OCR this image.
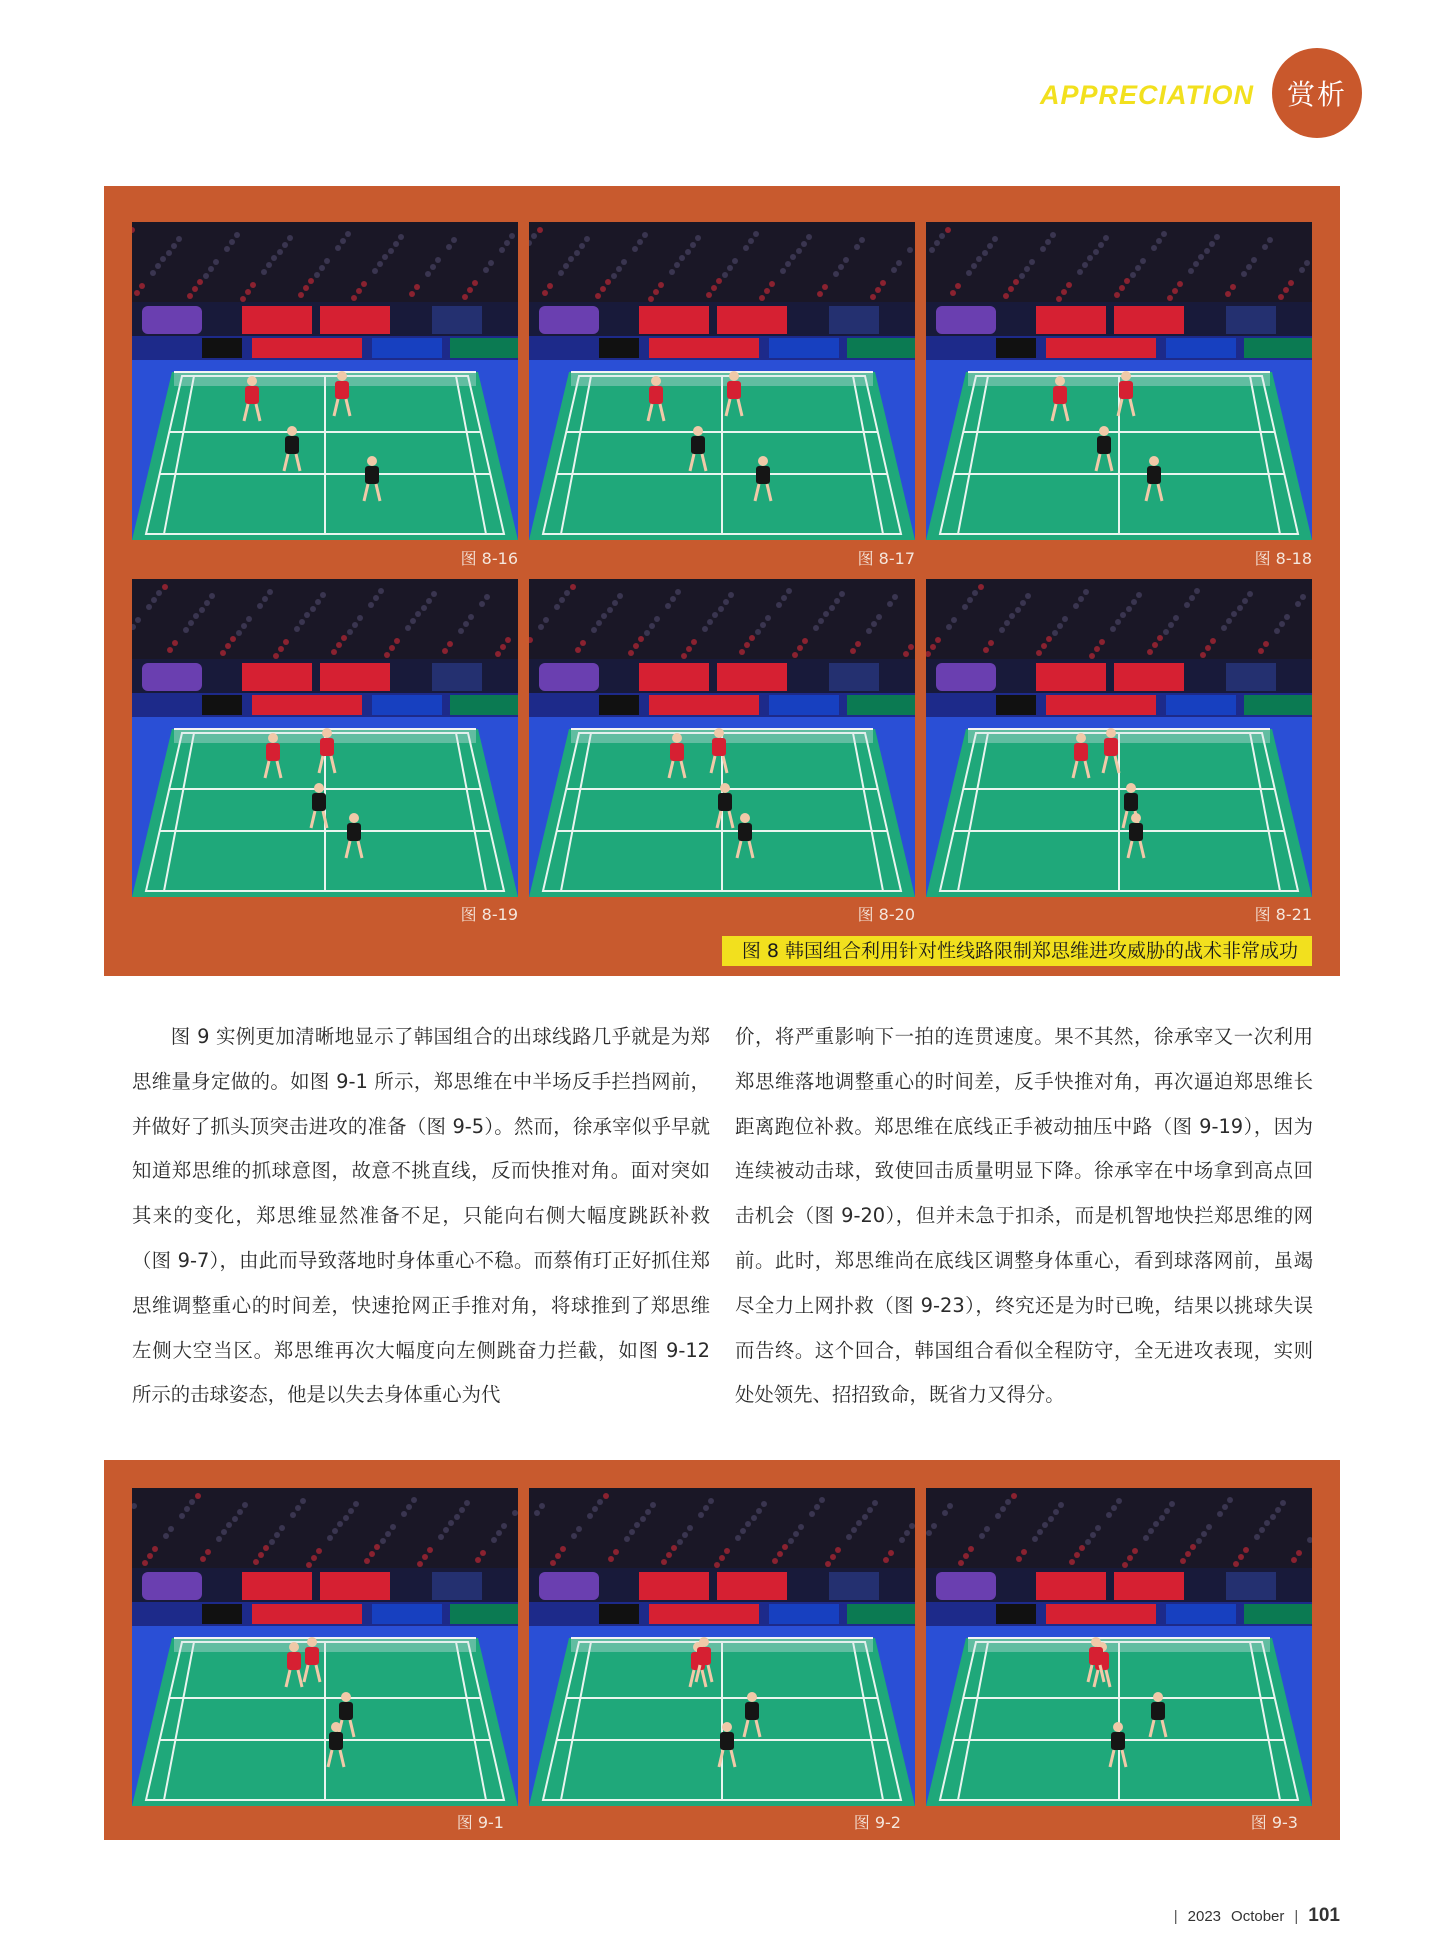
APPRECIATION 赏析
图 8-16	图 8-17	图 8-18
图 8-19	图 8-20	图 8-21
图 8 韩国组合利用针对性线路限制郑思维进攻威胁的战术非常成功

图 9 实例更加清晰地显示了韩国组合的出球线路几乎就是为郑思维量身定做的。如图 9-1 所示，郑思维在中半场反手拦挡网前，并做好了抓头顶突击进攻的准备（图 9-5）。然而，徐承宰似乎早就知道郑思维的抓球意图，故意不挑直线，反而快推对角。面对突如其来的变化，郑思维显然准备不足，只能向右侧大幅度跳跃补救（图 9-7），由此而导致落地时身体重心不稳。而蔡侑玎正好抓住郑思维调整重心的时间差，快速抢网正手推对角，将球推到了郑思维左侧大空当区。郑思维再次大幅度向左侧跳奋力拦截，如图 9-12 所示的击球姿态，他是以失去身体重心为代

价，将严重影响下一拍的连贯速度。果不其然，徐承宰又一次利用郑思维落地调整重心的时间差，反手快推对角，再次逼迫郑思维长距离跑位补救。郑思维在底线正手被动抽压中路（图 9-19），因为连续被动击球，致使回击质量明显下降。徐承宰在中场拿到高点回击机会（图 9-20），但并未急于扣杀，而是机智地快拦郑思维的网前。此时，郑思维尚在底线区调整身体重心，看到球落网前，虽竭尽全力上网扑救（图 9-23），终究还是为时已晚，结果以挑球失误而告终。这个回合，韩国组合看似全程防守，全无进攻表现，实则处处领先、招招致命，既省力又得分。

图 9-1	图 9-2	图 9-3
| 2023 October | 101
